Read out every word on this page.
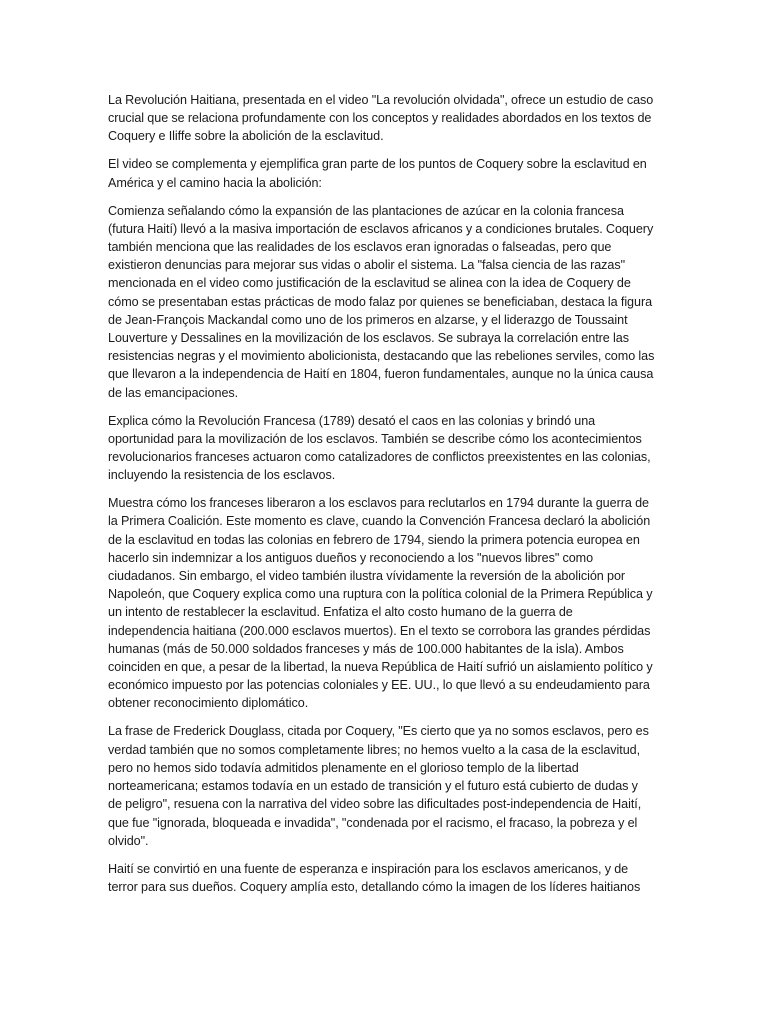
La Revolución Haitiana, presentada en el video "La revolución olvidada", ofrece un estudio de caso
crucial que se relaciona profundamente con los conceptos y realidades abordados en los textos de
Coquery e Iliffe sobre la abolición de la esclavitud.

El video se complementa y ejemplifica gran parte de los puntos de Coquery sobre la esclavitud en
América y el camino hacia la abolición:

Comienza señalando cómo la expansión de las plantaciones de azúcar en la colonia francesa
(futura Haití) llevó a la masiva importación de esclavos africanos y a condiciones brutales. Coquery
también menciona que las realidades de los esclavos eran ignoradas o falseadas, pero que
existieron denuncias para mejorar sus vidas o abolir el sistema. La "falsa ciencia de las razas"
mencionada en el video como justificación de la esclavitud se alinea con la idea de Coquery de
cómo se presentaban estas prácticas de modo falaz por quienes se beneficiaban, destaca la figura
de Jean-François Mackandal como uno de los primeros en alzarse, y el liderazgo de Toussaint
Louverture y Dessalines en la movilización de los esclavos. Se subraya la correlación entre las
resistencias negras y el movimiento abolicionista, destacando que las rebeliones serviles, como las
que llevaron a la independencia de Haití en 1804, fueron fundamentales, aunque no la única causa
de las emancipaciones.

Explica cómo la Revolución Francesa (1789) desató el caos en las colonias y brindó una
oportunidad para la movilización de los esclavos. También se describe cómo los acontecimientos
revolucionarios franceses actuaron como catalizadores de conflictos preexistentes en las colonias,
incluyendo la resistencia de los esclavos.

Muestra cómo los franceses liberaron a los esclavos para reclutarlos en 1794 durante la guerra de
la Primera Coalición. Este momento es clave, cuando la Convención Francesa declaró la abolición
de la esclavitud en todas las colonias en febrero de 1794, siendo la primera potencia europea en
hacerlo sin indemnizar a los antiguos dueños y reconociendo a los "nuevos libres" como
ciudadanos. Sin embargo, el video también ilustra vívidamente la reversión de la abolición por
Napoleón, que Coquery explica como una ruptura con la política colonial de la Primera República y
un intento de restablecer la esclavitud. Enfatiza el alto costo humano de la guerra de
independencia haitiana (200.000 esclavos muertos). En el texto se corrobora las grandes pérdidas
humanas (más de 50.000 soldados franceses y más de 100.000 habitantes de la isla). Ambos
coinciden en que, a pesar de la libertad, la nueva República de Haití sufrió un aislamiento político y
económico impuesto por las potencias coloniales y EE. UU., lo que llevó a su endeudamiento para
obtener reconocimiento diplomático.

La frase de Frederick Douglass, citada por Coquery, "Es cierto que ya no somos esclavos, pero es
verdad también que no somos completamente libres; no hemos vuelto a la casa de la esclavitud,
pero no hemos sido todavía admitidos plenamente en el glorioso templo de la libertad
norteamericana; estamos todavía en un estado de transición y el futuro está cubierto de dudas y
de peligro", resuena con la narrativa del video sobre las dificultades post-independencia de Haití,
que fue "ignorada, bloqueada e invadida", "condenada por el racismo, el fracaso, la pobreza y el
olvido".

Haití se convirtió en una fuente de esperanza e inspiración para los esclavos americanos, y de
terror para sus dueños. Coquery amplía esto, detallando cómo la imagen de los líderes haitianos
